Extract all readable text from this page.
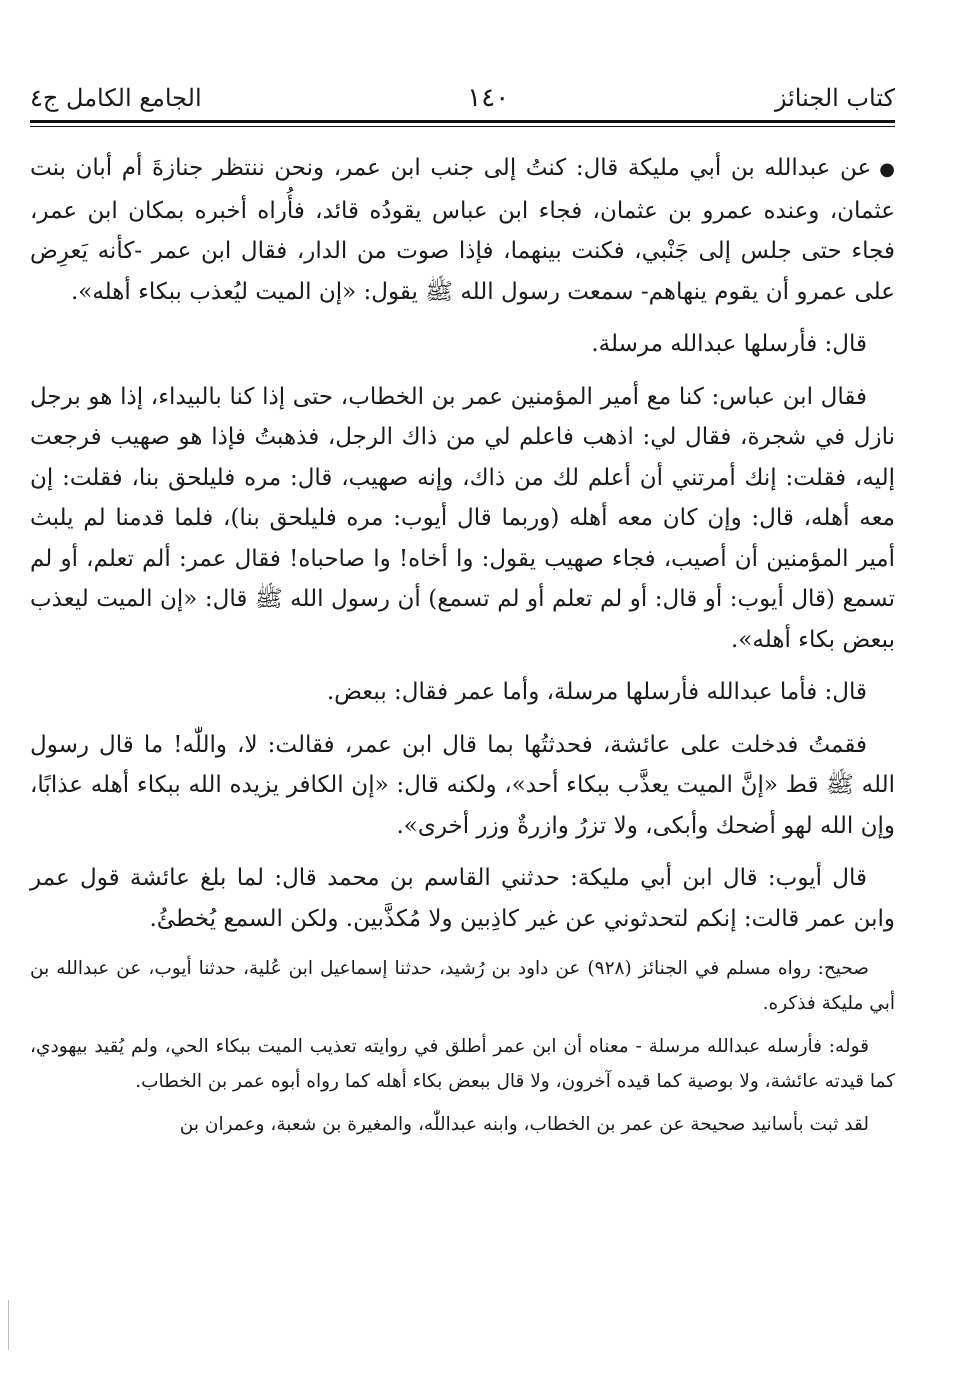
كتاب الجنائز
١٤٠
الجامع الكامل ج٤

●عن عبدالله بن أبي مليكة قال: كنتُ إلى جنب ابن عمر، ونحن ننتظر جنازةَ أم أبان بنت عثمان، وعنده عمرو بن عثمان، فجاء ابن عباس يقودُه قائد، فأُراه أخبره بمكان ابن عمر، فجاء حتى جلس إلى جَنْبي، فكنت بينهما، فإذا صوت من الدار، فقال ابن عمر -كأنه يَعرِض على عمرو أن يقوم ينهاهم- سمعت رسول الله ﷺ يقول: «إن الميت ليُعذب ببكاء أهله».

قال: فأرسلها عبدالله مرسلة.

فقال ابن عباس: كنا مع أمير المؤمنين عمر بن الخطاب، حتى إذا كنا بالبيداء، إذا هو برجل نازل في شجرة، فقال لي: اذهب فاعلم لي من ذاك الرجل، فذهبتُ فإذا هو صهيب فرجعت إليه، فقلت: إنك أمرتني أن أعلم لك من ذاك، وإنه صهيب، قال: مره فليلحق بنا، فقلت: إن معه أهله، قال: وإن كان معه أهله (وربما قال أيوب: مره فليلحق بنا)، فلما قدمنا لم يلبث أمير المؤمنين أن أصيب، فجاء صهيب يقول: وا أخاه! وا صاحباه! فقال عمر: ألم تعلم، أو لم تسمع (قال أيوب: أو قال: أو لم تعلم أو لم تسمع) أن رسول الله ﷺ قال: «إن الميت ليعذب ببعض بكاء أهله».

قال: فأما عبدالله فأرسلها مرسلة، وأما عمر فقال: ببعض.

فقمتُ فدخلت على عائشة، فحدثتُها بما قال ابن عمر، فقالت: لا، واللّٰه! ما قال رسول الله ﷺ قط «إنَّ الميت يعذَّب ببكاء أحد»، ولكنه قال: «إن الكافر يزيده الله ببكاء أهله عذابًا، وإن الله لهو أضحك وأبكى، ولا تزرُ وازرةٌ وزر أخرى».

قال أيوب: قال ابن أبي مليكة: حدثني القاسم بن محمد قال: لما بلغ عائشة قول عمر وابن عمر قالت: إنكم لتحدثوني عن غير كاذِبين ولا مُكذَّبين. ولكن السمع يُخطئُ.

صحيح: رواه مسلم في الجنائز (٩٢٨) عن داود بن رُشيد، حدثنا إسماعيل ابن عُلية، حدثنا أيوب، عن عبدالله بن أبي مليكة فذكره.

قوله: فأرسله عبدالله مرسلة - معناه أن ابن عمر أطلق في روايته تعذيب الميت ببكاء الحي، ولم يُقيد بيهودي، كما قيدته عائشة، ولا بوصية كما قيده آخرون، ولا قال ببعض بكاء أهله كما رواه أبوه عمر بن الخطاب.

لقد ثبت بأسانيد صحيحة عن عمر بن الخطاب، وابنه عبداللّٰه، والمغيرة بن شعبة، وعمران بن
